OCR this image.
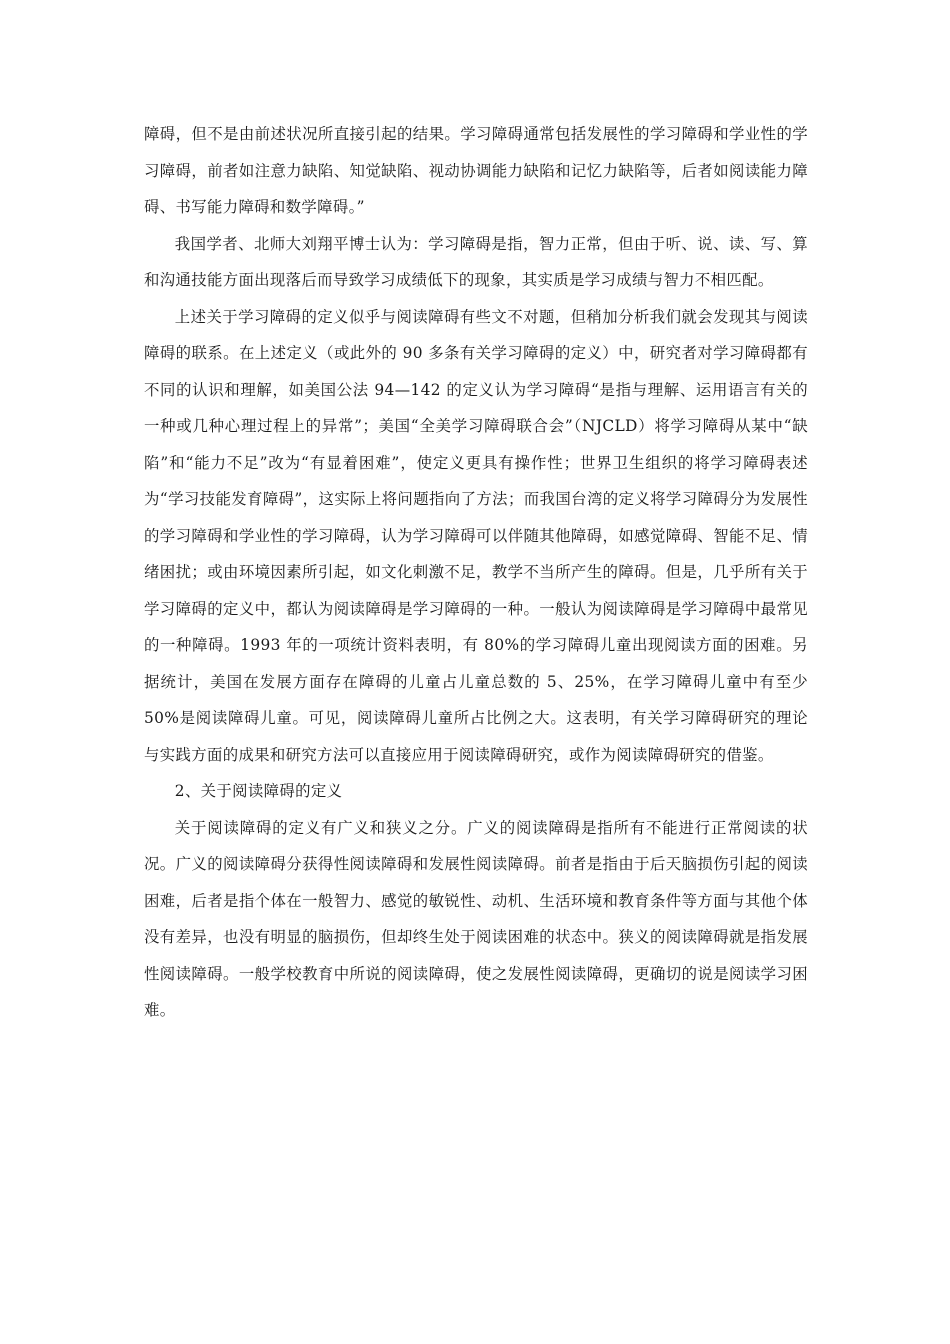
障碍，但不是由前述状况所直接引起的结果。学习障碍通常包括发展性的学习障碍和学业性的学习障碍，前者如注意力缺陷、知觉缺陷、视动协调能力缺陷和记忆力缺陷等，后者如阅读能力障碍、书写能力障碍和数学障碍。”

我国学者、北师大刘翔平博士认为：学习障碍是指，智力正常，但由于听、说、读、写、算和沟通技能方面出现落后而导致学习成绩低下的现象，其实质是学习成绩与智力不相匹配。

上述关于学习障碍的定义似乎与阅读障碍有些文不对题，但稍加分析我们就会发现其与阅读障碍的联系。在上述定义（或此外的 90 多条有关学习障碍的定义）中，研究者对学习障碍都有不同的认识和理解，如美国公法 94—142 的定义认为学习障碍“是指与理解、运用语言有关的一种或几种心理过程上的异常”；美国“全美学习障碍联合会”（NJCLD）将学习障碍从某中“缺陷”和“能力不足”改为“有显着困难”，使定义更具有操作性；世界卫生组织的将学习障碍表述为“学习技能发育障碍”，这实际上将问题指向了方法；而我国台湾的定义将学习障碍分为发展性的学习障碍和学业性的学习障碍，认为学习障碍可以伴随其他障碍，如感觉障碍、智能不足、情绪困扰；或由环境因素所引起，如文化刺激不足，教学不当所产生的障碍。但是，几乎所有关于学习障碍的定义中，都认为阅读障碍是学习障碍的一种。一般认为阅读障碍是学习障碍中最常见的一种障碍。1993 年的一项统计资料表明，有 80%的学习障碍儿童出现阅读方面的困难。另据统计，美国在发展方面存在障碍的儿童占儿童总数的 5、25%，在学习障碍儿童中有至少 50%是阅读障碍儿童。可见，阅读障碍儿童所占比例之大。这表明，有关学习障碍研究的理论与实践方面的成果和研究方法可以直接应用于阅读障碍研究，或作为阅读障碍研究的借鉴。

2、关于阅读障碍的定义

关于阅读障碍的定义有广义和狭义之分。广义的阅读障碍是指所有不能进行正常阅读的状况。广义的阅读障碍分获得性阅读障碍和发展性阅读障碍。前者是指由于后天脑损伤引起的阅读困难，后者是指个体在一般智力、感觉的敏锐性、动机、生活环境和教育条件等方面与其他个体没有差异，也没有明显的脑损伤，但却终生处于阅读困难的状态中。狭义的阅读障碍就是指发展性阅读障碍。一般学校教育中所说的阅读障碍，使之发展性阅读障碍，更确切的说是阅读学习困难。
